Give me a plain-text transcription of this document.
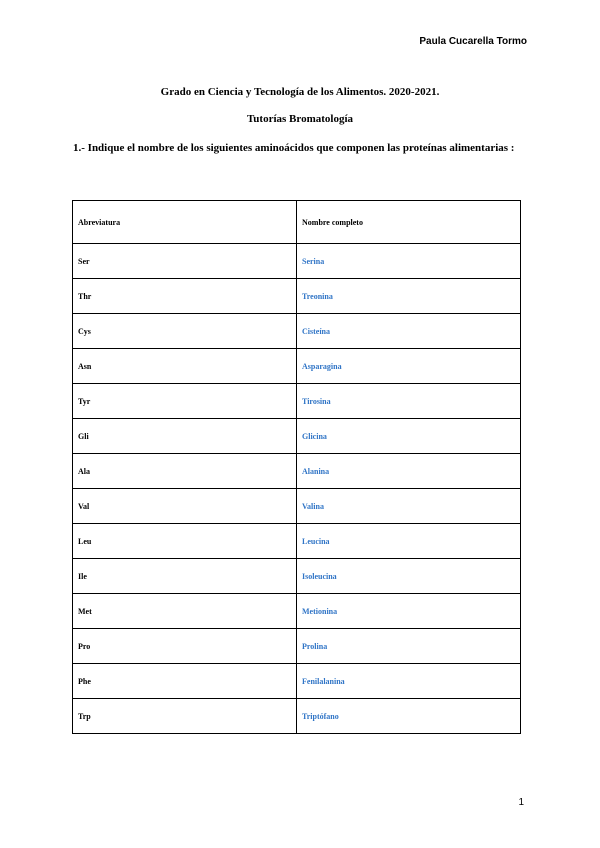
Paula Cucarella Tormo
Grado en Ciencia y Tecnología de los Alimentos. 2020-2021.
Tutorías Bromatología
1.- Indique el nombre de los siguientes aminoácidos que componen las proteínas alimentarias :
Abreviatura	Nombre completo
Ser	Serina
Thr	Treonina
Cys	Cisteína
Asn	Asparagina
Tyr	Tirosina
Gli	Glicina
Ala	Alanina
Val	Valina
Leu	Leucina
Ile	Isoleucina
Met	Metionina
Pro	Prolina
Phe	Fenilalanina
Trp	Triptófano
1
